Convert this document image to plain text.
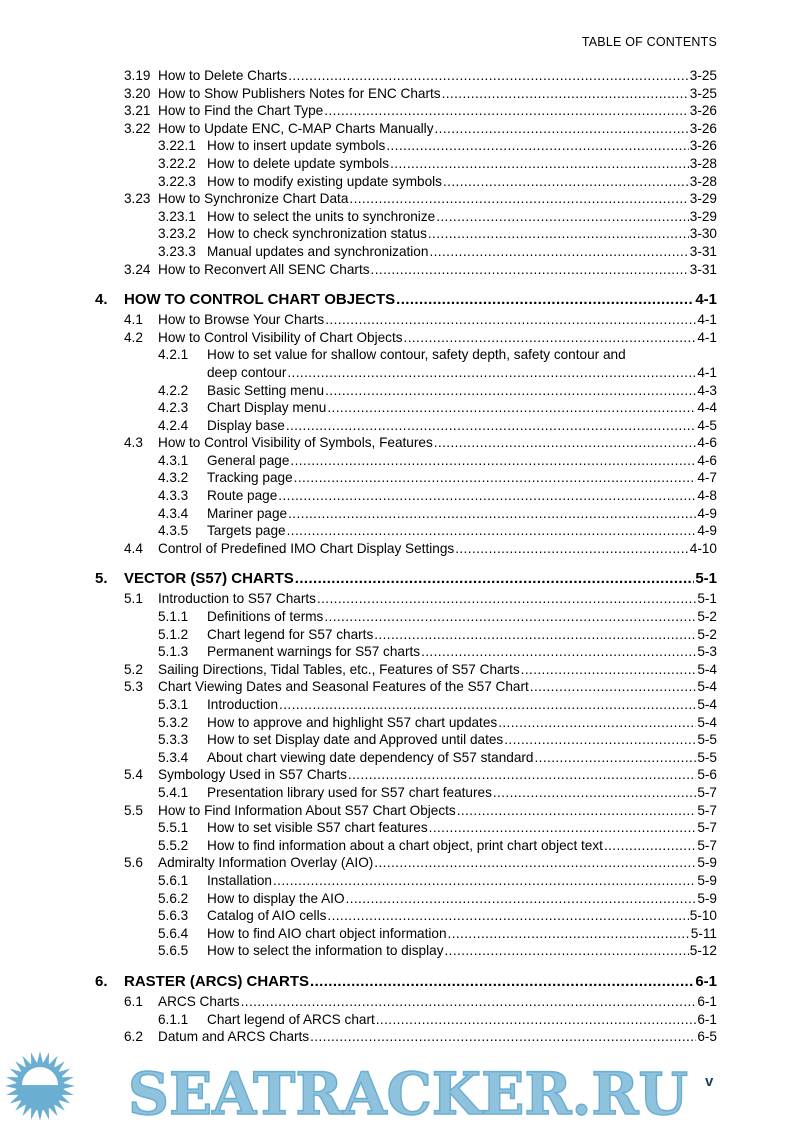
TABLE OF CONTENTS
3.19 How to Delete Charts .....	3-25
3.20 How to Show Publishers Notes for ENC Charts .....	3-25
3.21 How to Find the Chart Type .....	3-26
3.22 How to Update ENC, C-MAP Charts Manually .....	3-26
3.22.1 How to insert update symbols .....	3-26
3.22.2 How to delete update symbols .....	3-28
3.22.3 How to modify existing update symbols .....	3-28
3.23 How to Synchronize Chart Data .....	3-29
3.23.1 How to select the units to synchronize .....	3-29
3.23.2 How to check synchronization status .....	3-30
3.23.3 Manual updates and synchronization .....	3-31
3.24 How to Reconvert All SENC Charts .....	3-31
4.	HOW TO CONTROL CHART OBJECTS .....	4-1
4.1	How to Browse Your Charts .....	4-1
4.2	How to Control Visibility of Chart Objects .....	4-1
4.2.1	How to set value for shallow contour, safety depth, safety contour and
deep contour .....	4-1
4.2.2	Basic Setting menu .....	4-3
4.2.3	Chart Display menu .....	4-4
4.2.4	Display base .....	4-5
4.3	How to Control Visibility of Symbols, Features .....	4-6
4.3.1	General page .....	4-6
4.3.2	Tracking page .....	4-7
4.3.3	Route page .....	4-8
4.3.4	Mariner page .....	4-9
4.3.5	Targets page .....	4-9
4.4	Control of Predefined IMO Chart Display Settings .....	4-10
5.	VECTOR (S57) CHARTS .....	5-1
5.1	Introduction to S57 Charts .....	5-1
5.1.1	Definitions of terms .....	5-2
5.1.2	Chart legend for S57 charts .....	5-2
5.1.3	Permanent warnings for S57 charts .....	5-3
5.2	Sailing Directions, Tidal Tables, etc., Features of S57 Charts .....	5-4
5.3	Chart Viewing Dates and Seasonal Features of the S57 Chart .....	5-4
5.3.1	Introduction .....	5-4
5.3.2	How to approve and highlight S57 chart updates .....	5-4
5.3.3	How to set Display date and Approved until dates .....	5-5
5.3.4	About chart viewing date dependency of S57 standard .....	5-5
5.4	Symbology Used in S57 Charts .....	5-6
5.4.1	Presentation library used for S57 chart features .....	5-7
5.5	How to Find Information About S57 Chart Objects .....	5-7
5.5.1	How to set visible S57 chart features .....	5-7
5.5.2	How to find information about a chart object, print chart object text .....	5-7
5.6	Admiralty Information Overlay (AIO) .....	5-9
5.6.1	Installation .....	5-9
5.6.2	How to display the AIO .....	5-9
5.6.3	Catalog of AIO cells .....	5-10
5.6.4	How to find AIO chart object information .....	5-11
5.6.5	How to select the information to display .....	5-12
6.	RASTER (ARCS) CHARTS .....	6-1
6.1	ARCS Charts .....	6-1
6.1.1	Chart legend of ARCS chart .....	6-1
6.2	Datum and ARCS Charts .....	6-5
SEATRACKER.RU v
